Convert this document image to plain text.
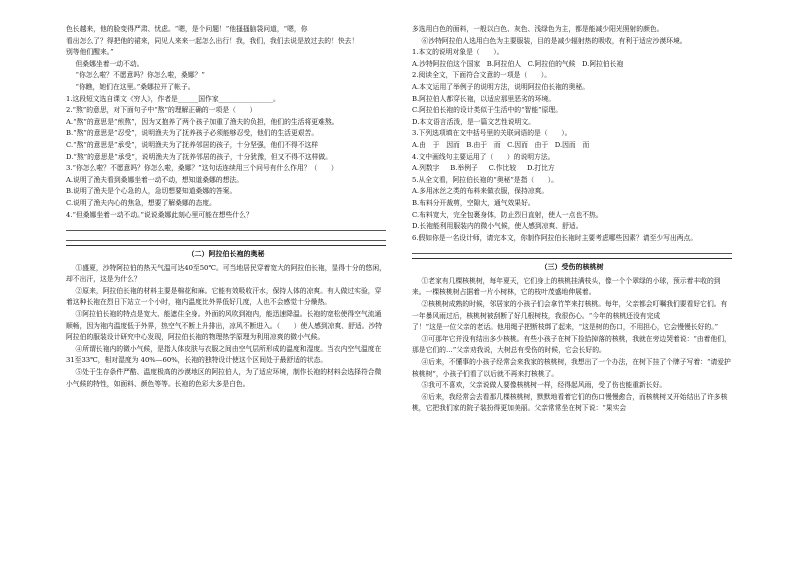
色长越来，他的脸变得严肃、忧虑。“嗯，是个问题！”他搔搔脑袋问道，“嗯，你

看出怎么了？得把他的裙来，同见人来来一起怎么出行！我，我们，我们去说是放过去的！快去！

别等他们醒来。”

但桑娜坐着一动不动。

“你怎么啦？不愿意吗？你怎么啦，桑娜？”

“你瞧，她们在这里。”桑娜拉开了帐子。

1.这段短文选自课文《穷人》，作者是______国作家________________。

2.“熬”的意思，对下面句子中“熬”的理解正确的一项是（　　）

A.“熬”的意思是“煎熬”，因为又抱养了两个孩子加重了渔夫的负担，他们的生活将更难熬。

B.“熬”的意思是“忍受”，说明渔夫为了抚养孩子必须能够忍受，他们的生活更艰苦。

C.“熬”的意思是“承受”，说明渔夫为了抚养邻居的孩子，十分坚强，他们不得不这样

D.“熬”的意思是“承受”，说明渔夫为了抚养邻居的孩子，十分犹豫，但又不得不这样做。

3.“你怎么啦？不愿意吗？你怎么啦，桑娜？”这句话连续用三个问号有什么作用？（　　）

A.说明了渔夫看到桑娜坐着一动不动，想知道桑娜的想法。

B.说明了渔夫是个心急的人，急切想要知道桑娜的答案。

C.说明了渔夫内心的焦急，想要了解桑娜的态度。

4.“但桑娜坐着一动不动。”说说桑娜此刻心里可能在想些什么？

（二）阿拉伯长袍的奥秘

①盛夏，沙特阿拉伯的热天气温可达40至50℃。可当地居民穿着宽大的阿拉伯长袍，显得十分的悠闲，却不出汗，这是为什么？

②原来，阿拉伯长袍的材料主要是棉花和麻。它能有效吸收汗水，保持人体的凉爽。有人做过实验，穿着这种长袍在烈日下站立一个小时，袍内温度比外界低好几度，人也不会感觉十分燥热。

③阿拉伯长袍的特点是宽大、能遮住全身。外面的风吹到袍内，能迅速降温。长袍的宽松使得空气流通顺畅，因为袍内温度低于外界，热空气不断上升排出，凉风不断进入。（　　）使人感到凉爽、舒适。沙特阿拉伯的服装设计研究中心发现，阿拉伯长袍的物理热学原理为利用凉爽的微小气候。

④所谓长袍内的微小气候，是指人体皮肤与衣服之间由空气层所形成的温度和湿度。当衣内空气温度在 31至33℃，相对湿度为 40%—60%，长袍的独特设计使这个区间处于最舒适的状态。

⑤处于生存条件严酷、温度极高的沙漠地区的阿拉伯人，为了适应环境，制作长袍的材料会选择符合微小气候的特性，如面料、颜色等等。长袍的色彩大多是白色。

多选用白色的面料，一般以白色、灰色、浅绿色为主，都是能减少阳光照射的颜色。

⑥沙特阿拉伯人选用白色为主要服装，目的是减少辐射热的吸收，有利于适应沙漠环境。

1.本文的说明对象是（　　）。

A.沙特阿拉伯这个国家 B.阿拉伯人 C.阿拉伯的气候 D.阿拉伯长袍

2.阅读全文，下面符合文意的一项是（　　）。

A.本文运用了举例子的说明方法，说明阿拉伯长袍的奥秘。

B.阿拉伯人都穿长袍，以适应那里恶劣的环境。

C.阿拉伯长袍的设计类似于生活中的“智能”原理。

D.本文语言活泼，是一篇文艺性说明文。

3.下列选项填在文中括号里的关联词语的是（　　）。

A.由　于　因而 B.由于　而 C.因而　由于 D.因而　而

4.文中画线句主要运用了（　　）的说明方法。

A.列数字 B.举例子 C.作比较 D.打比方

5.从全文看，阿拉伯长袍的“奥秘”是指（　　）。

A.多用冰丝之类的布料来做衣服，保持凉爽。

B.布料分开裁剪，空隙大，通气效果好。

C.布料宽大，完全包裹身体，防止烈日直射，使人一点也不热。

D.长袍能利用服装内的微小气候，使人感到凉爽、舒适。

6.假如你是一名设计师，请完本文，你制作阿拉伯长袍时主要考虑哪些因素？请至少写出两点。

（三）受伤的核桃树

①老家有几棵核桃树，每年夏天，它们身上的核桃挂满枝头，像一个个翠绿的小球，预示着丰收的到来。一棵核桃树占据着一片小树林，它的枝叶茂盛地伸展着。

②核桃树成熟的时候，邻居家的小孩子们会拿竹竿来打核桃。每年，父亲都会叮嘱我们要看好它们。有一年暴风雨过后，核桃树被刮断了好几根树枝，我很伤心。“今年的核桃还没有完成

了！”这是一位父亲的老话。他用绳子把断枝绑了起来，“这是树的伤口，不用担心，它会慢慢长好的。”

③可那年它并没有结出多少核桃。有些小孩子在树下捡拾掉落的核桃，我就在旁边哭着说：“由着他们，那是它们的…”父亲劝我说，大树总有受伤的时候，它会长好的。

④后来，不懂事的小孩子经常会来我家的核桃树，我想出了一个办法，在树下挂了个牌子写着：“请爱护核桃树”，小孩子们看了以后就不再来打核桃了。

⑤我可不喜欢，父亲说做人要像核桃树一样，经得起风雨，受了伤也能重新长好。

⑥后来，我经常会去看那几棵核桃树，默默地看着它们的伤口慢慢愈合，而核桃树又开始结出了许多核桃，它把我们家的院子装扮得更加美丽。父亲常常坐在树下说：“果实会
